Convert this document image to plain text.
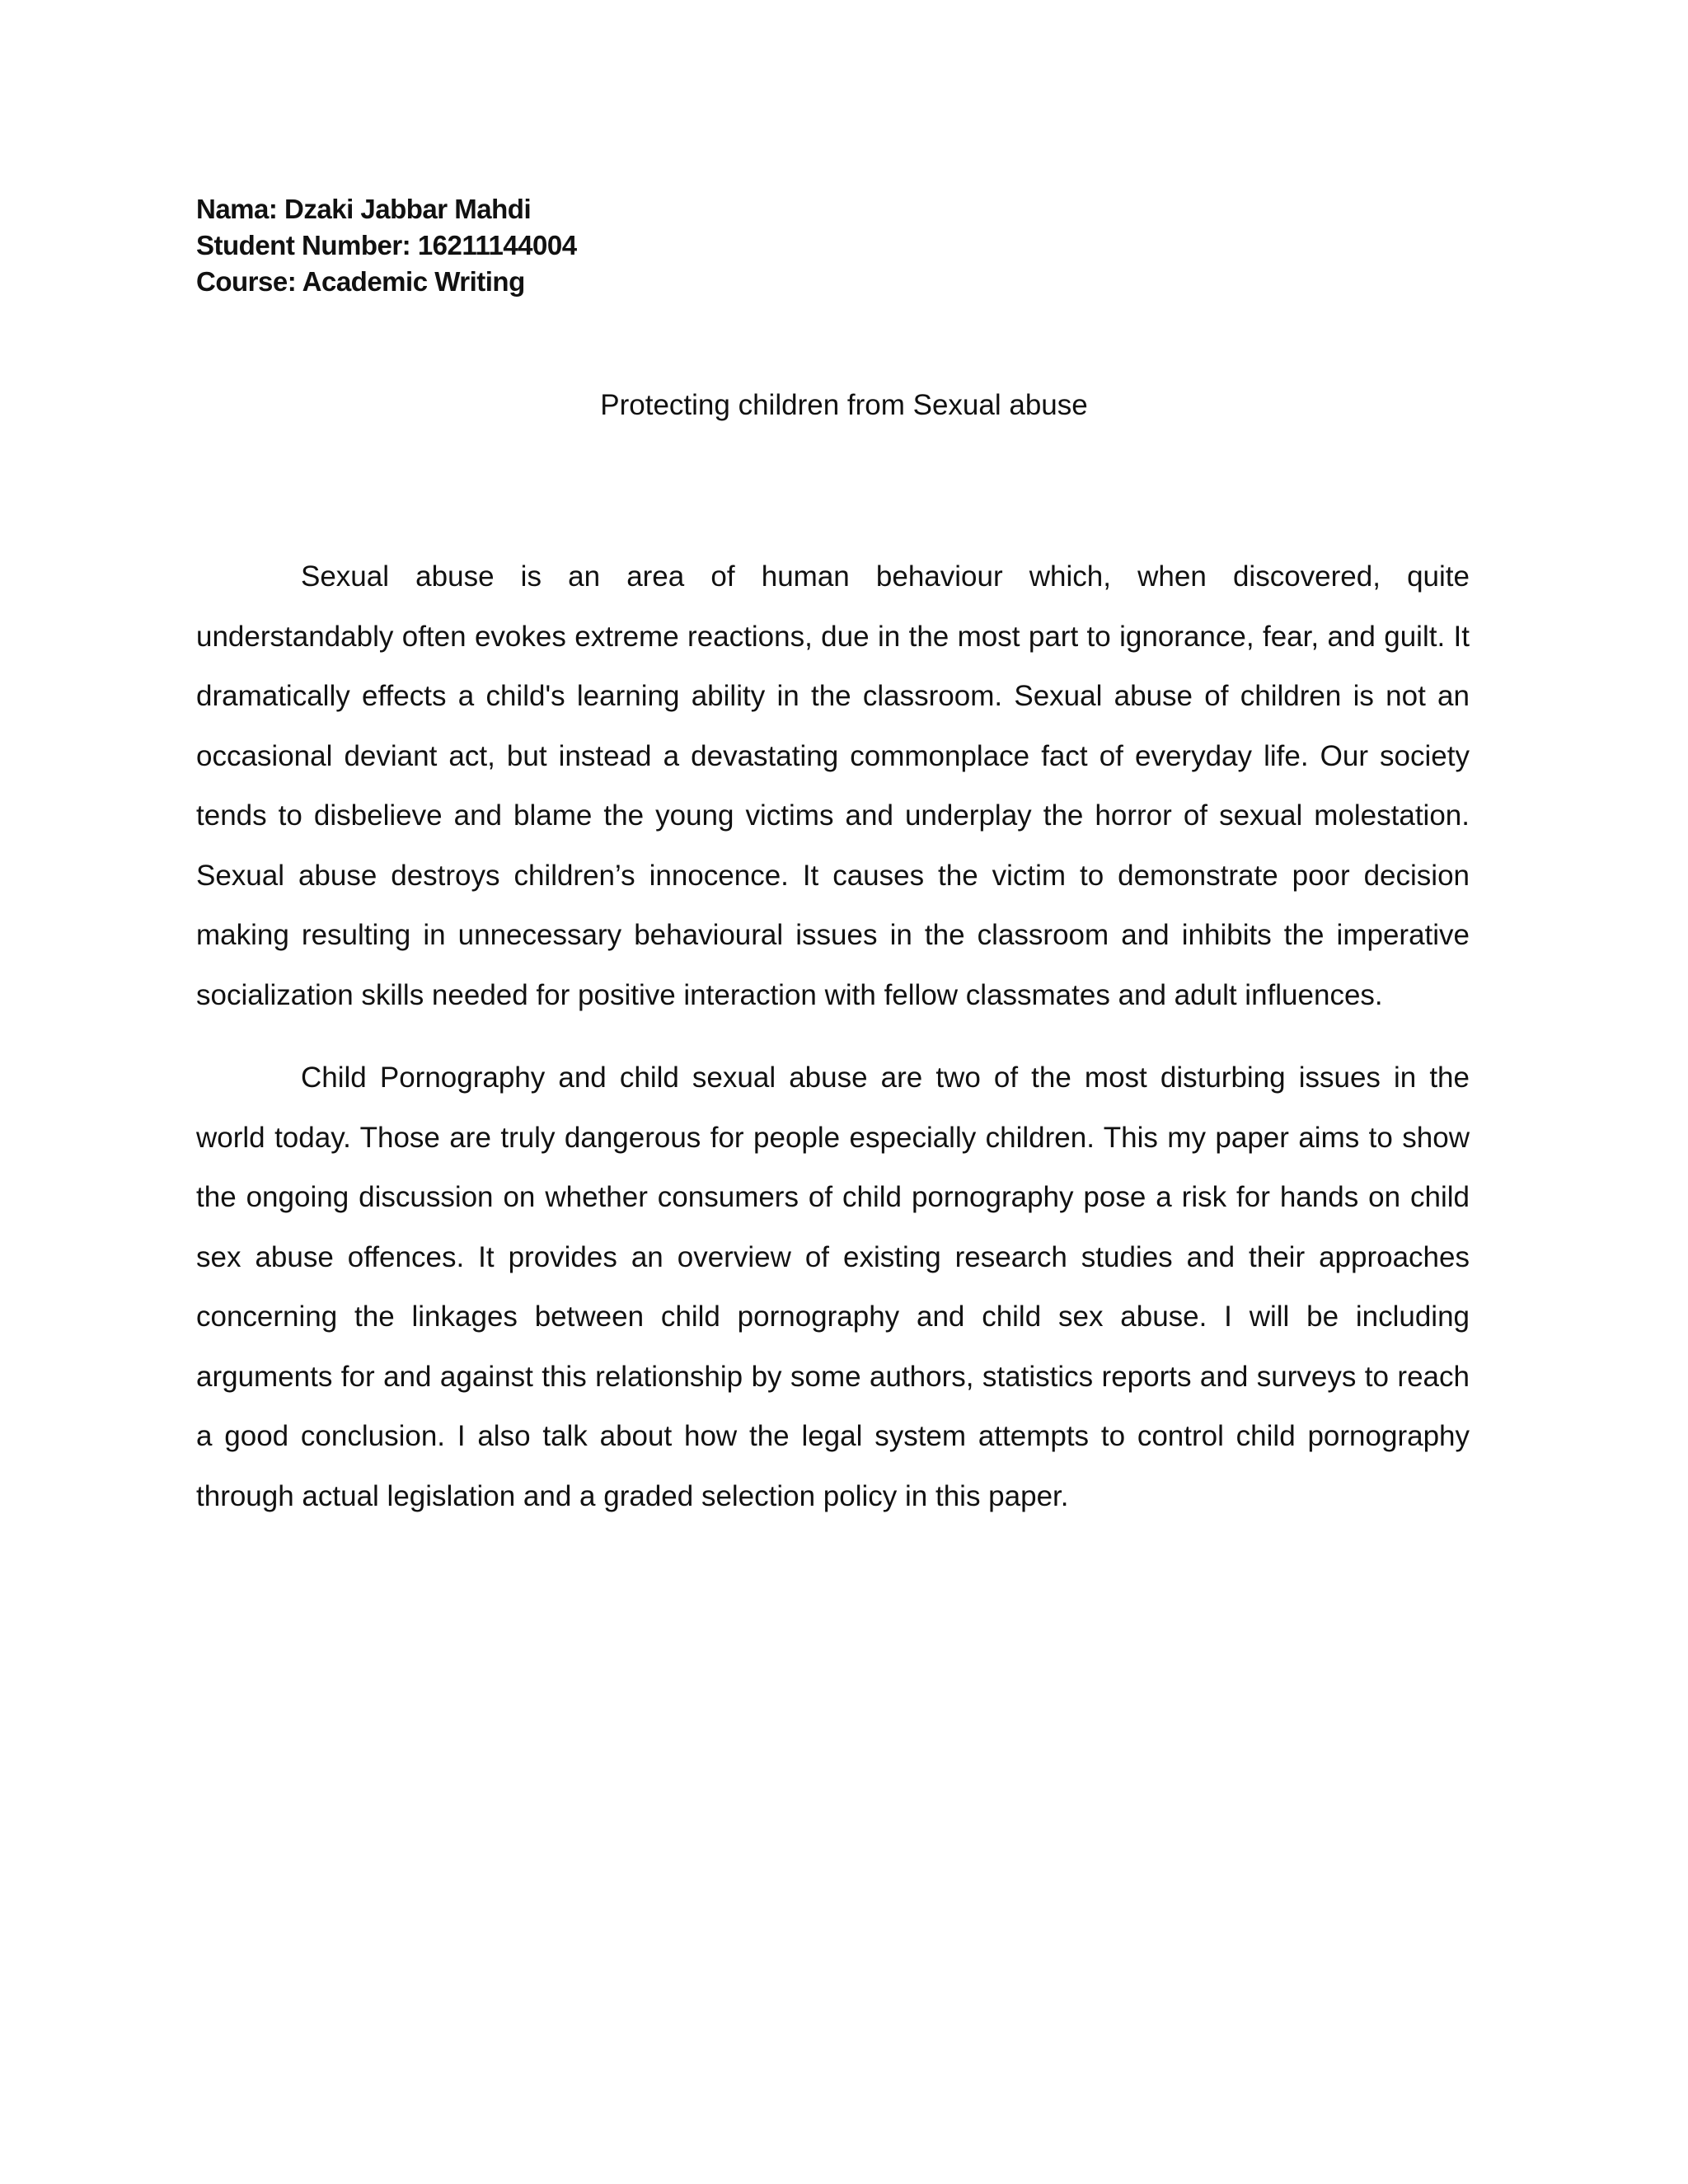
Nama: Dzaki Jabbar Mahdi
Student Number: 16211144004
Course: Academic Writing
Protecting children from Sexual abuse

Sexual abuse is an area of human behaviour which, when discovered, quite understandably often evokes extreme reactions, due in the most part to ignorance, fear, and guilt. It dramatically effects a child's learning ability in the classroom. Sexual abuse of children is not an occasional deviant act, but instead a devastating commonplace fact of everyday life. Our society tends to disbelieve and blame the young victims and underplay the horror of sexual molestation. Sexual abuse destroys children’s innocence. It causes the victim to demonstrate poor decision making resulting in unnecessary behavioural issues in the classroom and inhibits the imperative socialization skills needed for positive interaction with fellow classmates and adult influences.

Child Pornography and child sexual abuse are two of the most disturbing issues in the world today. Those are truly dangerous for people especially children. This my paper aims to show the ongoing discussion on whether consumers of child pornography pose a risk for hands on child sex abuse offences. It provides an overview of existing research studies and their approaches concerning the linkages between child pornography and child sex abuse. I will be including arguments for and against this relationship by some authors, statistics reports and surveys to reach a good conclusion. I also talk about how the legal system attempts to control child pornography through actual legislation and a graded selection policy in this paper.
